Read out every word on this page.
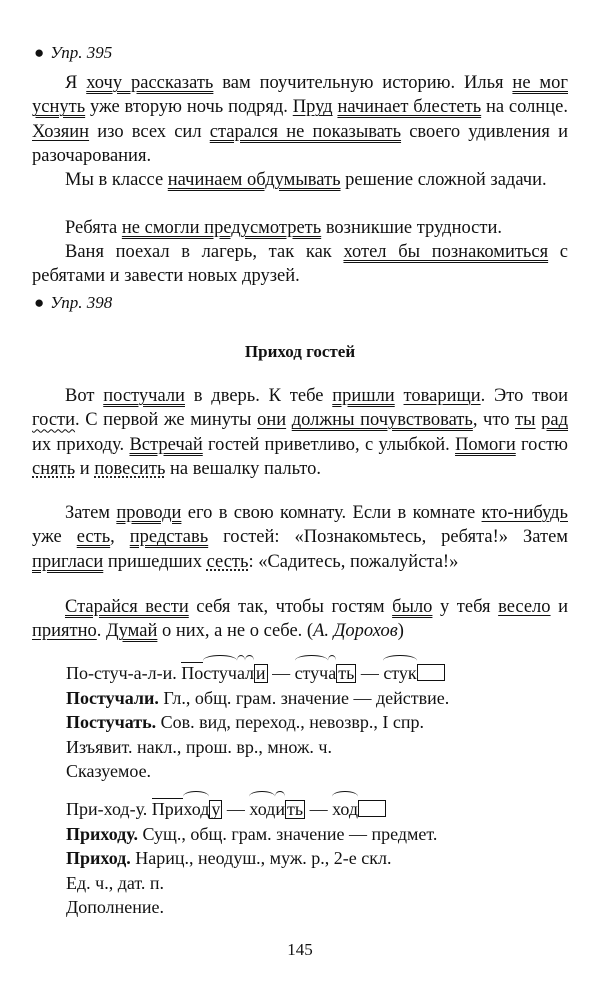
● Упр. 395
Я хочу рассказать вам поучительную историю. Илья не мог уснуть уже вторую ночь подряд. Пруд начинает блестеть на солнце. Хозяин изо всех сил старался не показывать своего удивления и разочарования.
Мы в классе начинаем обдумывать решение сложной задачи.
Ребята не смогли предусмотреть возникшие трудности.
Ваня поехал в лагерь, так как хотел бы познакомиться с ребятами и завести новых друзей.
● Упр. 398
Приход гостей
Вот постучали в дверь. К тебе пришли товарищи. Это твои гости. С первой же минуты они должны почувствовать, что ты рад их приходу. Встречай гостей приветливо, с улыбкой. Помоги гостю снять и повесить на вешалку пальто.
Затем проводи его в свою комнату. Если в комнате кто-нибудь уже есть, представь гостей: «Познакомьтесь, ребята!» Затем пригласи пришедших сесть: «Садитесь, пожалуйста!»
Старайся вести себя так, чтобы гостям было у тебя весело и приятно. Думай о них, а не о себе. (А. Дорохов)
По-стуч-а-л-и. Постучал и — стуча ть — стук
Постучали. Гл., общ. грам. значение — действие.
Постучать. Сов. вид, переход., невозвр., I спр.
Изъявит. накл., прош. вр., множ. ч.
Сказуемое.
При-ход-у. Приход у — ходи ть — ход
Приходу. Сущ., общ. грам. значение — предмет.
Приход. Нариц., неодуш., муж. р., 2-е скл.
Ед. ч., дат. п.
Дополнение.
145
